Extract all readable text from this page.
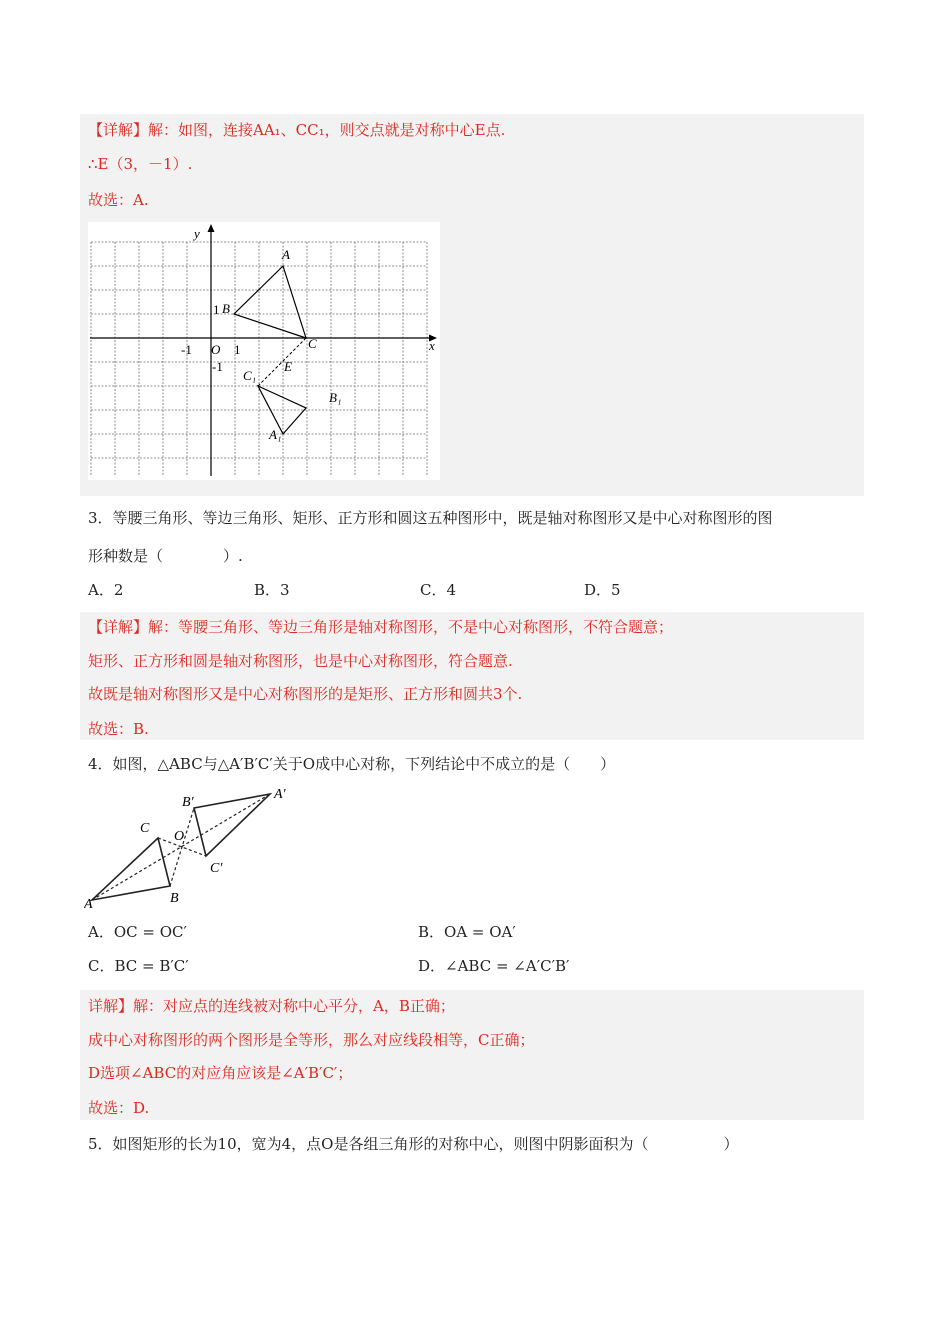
【详解】解：如图，连接AA₁、CC₁，则交点就是对称中心E点.
∴E（3，－1）.
故选：A.
y
x
O
-1	1
1
-1
A
B
C
E
C₁
B₁
A₁
3．等腰三角形、等边三角形、矩形、正方形和圆这五种图形中，既是轴对称图形又是中心对称图形的图
形种数是（　　　　）.
A．2	B．3	C．4	D．5
【详解】解：等腰三角形、等边三角形是轴对称图形，不是中心对称图形，不符合题意；
矩形、正方形和圆是轴对称图形，也是中心对称图形，符合题意.
故既是轴对称图形又是中心对称图形的是矩形、正方形和圆共3个.
故选：B.
4．如图，△ABC与△A′B′C′关于O成中心对称，下列结论中不成立的是（　　）
A	B
C
O
A′
B′
C′
A．OC = OC′	B．OA = OA′
C．BC = B′C′	D．∠ABC = ∠A′C′B′
详解】解：对应点的连线被对称中心平分，A，B正确；
成中心对称图形的两个图形是全等形，那么对应线段相等，C正确；
D选项∠ABC的对应角应该是∠A′B′C′；
故选：D.
5．如图矩形的长为10，宽为4，点O是各组三角形的对称中心，则图中阴影面积为（　　　　　）
